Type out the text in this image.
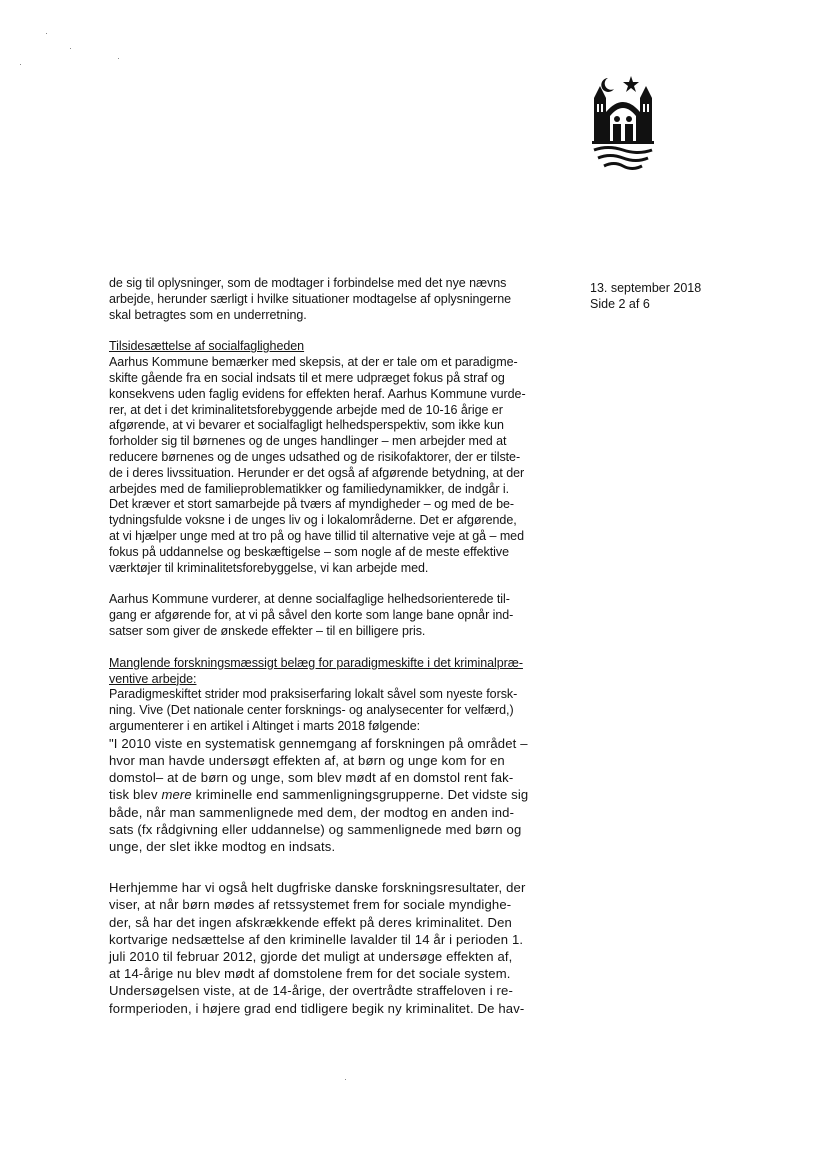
13. september 2018
Side 2 af 6

de sig til oplysninger, som de modtager i forbindelse med det nye nævns
arbejde, herunder særligt i hvilke situationer modtagelse af oplysningerne
skal betragtes som en underretning.

Tilsidesættelse af socialfagligheden

Aarhus Kommune bemærker med skepsis, at der er tale om et paradigme-
skifte gående fra en social indsats til et mere udpræget fokus på straf og
konsekvens uden faglig evidens for effekten heraf. Aarhus Kommune vurde-
rer, at det i det kriminalitetsforebyggende arbejde med de 10-16 årige er
afgørende, at vi bevarer et socialfagligt helhedsperspektiv, som ikke kun
forholder sig til børnenes og de unges handlinger – men arbejder med at
reducere børnenes og de unges udsathed og de risikofaktorer, der er tilste-
de i deres livssituation. Herunder er det også af afgørende betydning, at der
arbejdes med de familieproblematikker og familiedynamikker, de indgår i.
Det kræver et stort samarbejde på tværs af myndigheder – og med de be-
tydningsfulde voksne i de unges liv og i lokalområderne. Det er afgørende,
at vi hjælper unge med at tro på og have tillid til alternative veje at gå – med
fokus på uddannelse og beskæftigelse – som nogle af de meste effektive
værktøjer til kriminalitetsforebyggelse, vi kan arbejde med.

Aarhus Kommune vurderer, at denne socialfaglige helhedsorienterede til-
gang er afgørende for, at vi på såvel den korte som lange bane opnår ind-
satser som giver de ønskede effekter – til en billigere pris.

Manglende forskningsmæssigt belæg for paradigmeskifte i det kriminalpræ-
ventive arbejde:

Paradigmeskiftet strider mod praksiserfaring lokalt såvel som nyeste forsk-
ning. Vive (Det nationale center forsknings- og analysecenter for velfærd,)
argumenterer i en artikel i Altinget i marts 2018 følgende:

"I 2010 viste en systematisk gennemgang af forskningen på området –
hvor man havde undersøgt effekten af, at børn og unge kom for en
domstol– at de børn og unge, som blev mødt af en domstol rent fak-
tisk blev mere kriminelle end sammenligningsgrupperne. Det vidste sig
både, når man sammenlignede med dem, der modtog en anden ind-
sats (fx rådgivning eller uddannelse) og sammenlignede med børn og
unge, der slet ikke modtog en indsats.

Herhjemme har vi også helt dugfriske danske forskningsresultater, der
viser, at når børn mødes af retssystemet frem for sociale myndighe-
der, så har det ingen afskrækkende effekt på deres kriminalitet. Den
kortvarige nedsættelse af den kriminelle lavalder til 14 år i perioden 1.
juli 2010 til februar 2012, gjorde det muligt at undersøge effekten af,
at 14-årige nu blev mødt af domstolene frem for det sociale system.
Undersøgelsen viste, at de 14-årige, der overtrådte straffeloven i re-
formperioden, i højere grad end tidligere begik ny kriminalitet. De hav-
